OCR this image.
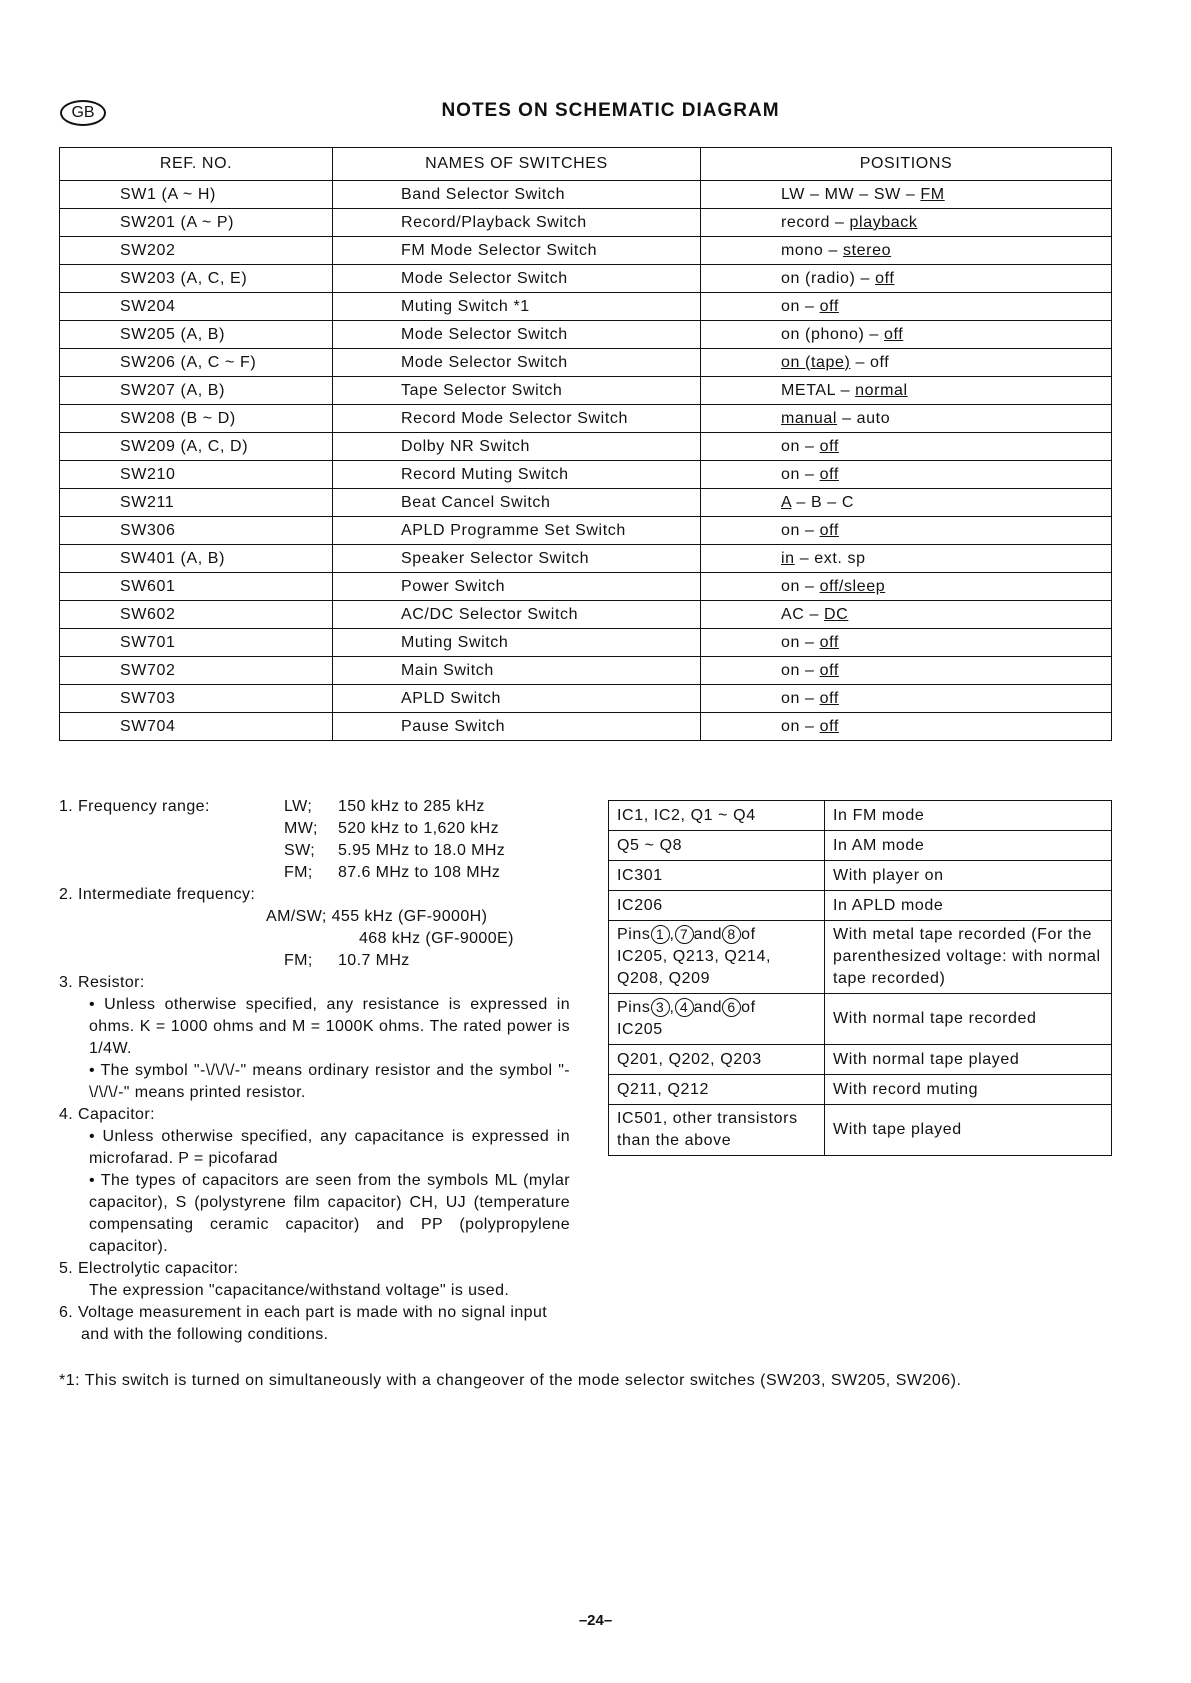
GB	NOTES ON SCHEMATIC DIAGRAM
REF. NO.	NAMES OF SWITCHES	POSITIONS
SW1 (A ~ H)	Band Selector Switch	LW – MW – SW – FM
SW201 (A ~ P)	Record/Playback Switch	record – playback
SW202	FM Mode Selector Switch	mono – stereo
SW203 (A, C, E)	Mode Selector Switch	on (radio) – off
SW204	Muting Switch *1	on – off
SW205 (A, B)	Mode Selector Switch	on (phono) – off
SW206 (A, C ~ F)	Mode Selector Switch	on (tape) – off
SW207 (A, B)	Tape Selector Switch	METAL – normal
SW208 (B ~ D)	Record Mode Selector Switch	manual – auto
SW209 (A, C, D)	Dolby NR Switch	on – off
SW210	Record Muting Switch	on – off
SW211	Beat Cancel Switch	A – B – C
SW306	APLD Programme Set Switch	on – off
SW401 (A, B)	Speaker Selector Switch	in – ext. sp
SW601	Power Switch	on – off/sleep
SW602	AC/DC Selector Switch	AC – DC
SW701	Muting Switch	on – off
SW702	Main Switch	on – off
SW703	APLD Switch	on – off
SW704	Pause Switch	on – off
1. Frequency range:	LW;	150 kHz to 285 kHz
MW;	520 kHz to 1,620 kHz
SW;	5.95 MHz to 18.0 MHz
FM;	87.6 MHz to 108 MHz
2. Intermediate frequency:
AM/SW; 455 kHz (GF-9000H)
468 kHz (GF-9000E)
FM;	10.7 MHz
3. Resistor:
• Unless otherwise specified, any resistance is expressed in ohms. K = 1000 ohms and M = 1000K ohms. The rated power is 1/4W.
• The symbol "-\/\/\/-" means ordinary resistor and the symbol "-\/\/\/-" means printed resistor.
4. Capacitor:
• Unless otherwise specified, any capacitance is expressed in microfarad. P = picofarad
• The types of capacitors are seen from the symbols ML (mylar capacitor), S (polystyrene film capacitor) CH, UJ (temperature compensating ceramic capacitor) and PP (polypropylene capacitor).
5. Electrolytic capacitor:
The expression "capacitance/withstand voltage" is used.
6. Voltage measurement in each part is made with no signal input and with the following conditions.
IC1, IC2, Q1 ~ Q4	In FM mode
Q5 ~ Q8	In AM mode
IC301	With player on
IC206	In APLD mode
Pins 1 , 7 and 8 of
IC205, Q213, Q214, Q208, Q209	With metal tape recorded (For the parenthesized voltage: with normal tape recorded)
Pins 3 , 4 and 6 of
IC205	With normal tape recorded
Q201, Q202, Q203	With normal tape played
Q211, Q212	With record muting
IC501, other transistors than the above	With tape played
*1: This switch is turned on simultaneously with a changeover of the mode selector switches (SW203, SW205, SW206).
–24–
